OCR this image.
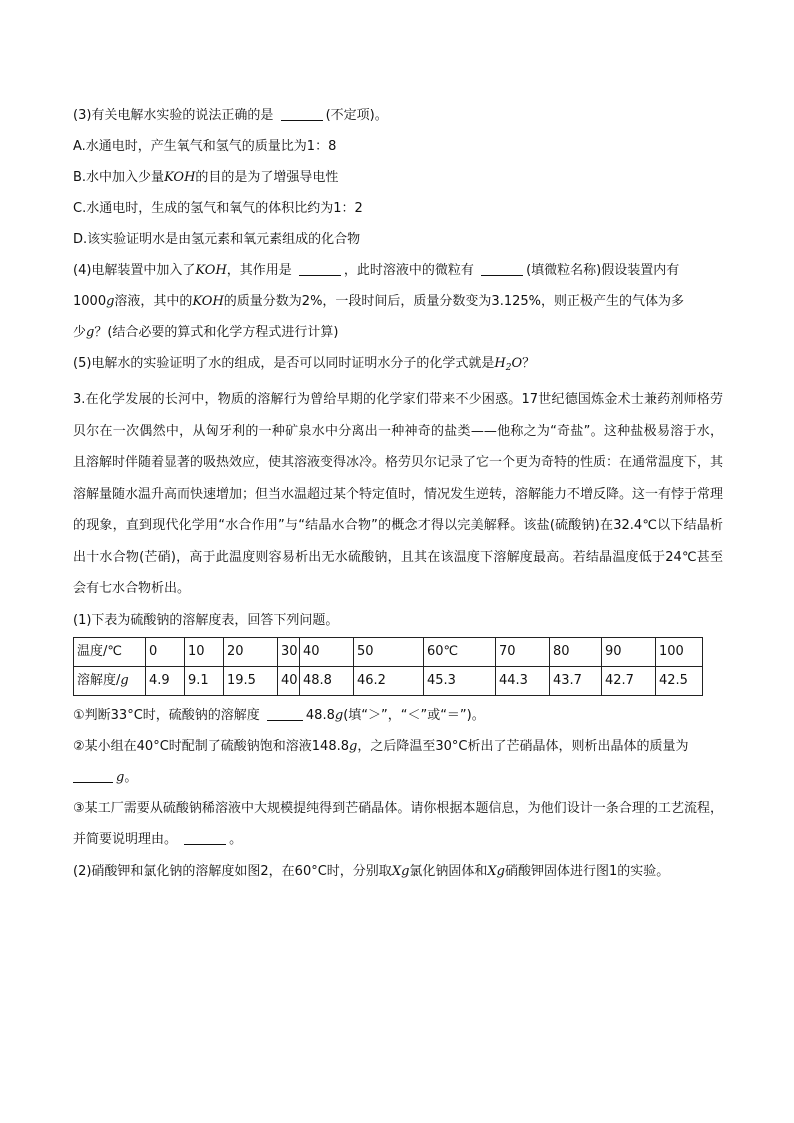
(3)有关电解水实验的说法正确的是	(不定项)。

A.水通电时，产生氧气和氢气的质量比为1：8

B.水中加入少量KOH的目的是为了增强导电性

C.水通电时，生成的氢气和氧气的体积比约为1：2

D.该实验证明水是由氢元素和氧元素组成的化合物

(4)电解装置中加入了KOH，其作用是	，此时溶液中的微粒有	(填微粒名称)假设装置内有

1000g溶液，其中的KOH的质量分数为2%，一段时间后，质量分数变为3.125%，则正极产生的气体为多

少g？(结合必要的算式和化学方程式进行计算)

(5)电解水的实验证明了水的组成，是否可以同时证明水分子的化学式就是$H_2O$？

3.在化学发展的长河中，物质的溶解行为曾给早期的化学家们带来不少困惑。17世纪德国炼金术士兼药剂师格劳贝尔在一次偶然中，从匈牙利的一种矿泉水中分离出一种神奇的盐类——他称之为“奇盐”。这种盐极易溶于水，且溶解时伴随着显著的吸热效应，使其溶液变得冰冷。格劳贝尔记录了它一个更为奇特的性质：在通常温度下，其溶解量随水温升高而快速增加；但当水温超过某个特定值时，情况发生逆转，溶解能力不增反降。这一有悖于常理的现象，直到现代化学用“水合作用”与“结晶水合物”的概念才得以完美解释。该盐(硫酸钠)在32.4℃以下结晶析出十水合物(芒硝)，高于此温度则容易析出无水硫酸钠，且其在该温度下溶解度最高。若结晶温度低于24℃甚至会有七水合物析出。

(1)下表为硫酸钠的溶解度表，回答下列问题。

温度/℃	0	10	20	30	40	50	60℃	70	80	90	100
溶解度/g	4.9	9.1	19.5	40	48.8	46.2	45.3	44.3	43.7	42.7	42.5

①判断33°C时，硫酸钠的溶解度	48.8g(填“＞”，“＜”或“＝”)。

②某小组在40°C时配制了硫酸钠饱和溶液148.8g，之后降温至30°C析出了芒硝晶体，则析出晶体的质量为

g。

③某工厂需要从硫酸钠稀溶液中大规模提纯得到芒硝晶体。请你根据本题信息，为他们设计一条合理的工艺流程，并简要说明理由。	。

(2)硝酸钾和氯化钠的溶解度如图2，在60°C时，分别取Xg氯化钠固体和Xg硝酸钾固体进行图1的实验。
